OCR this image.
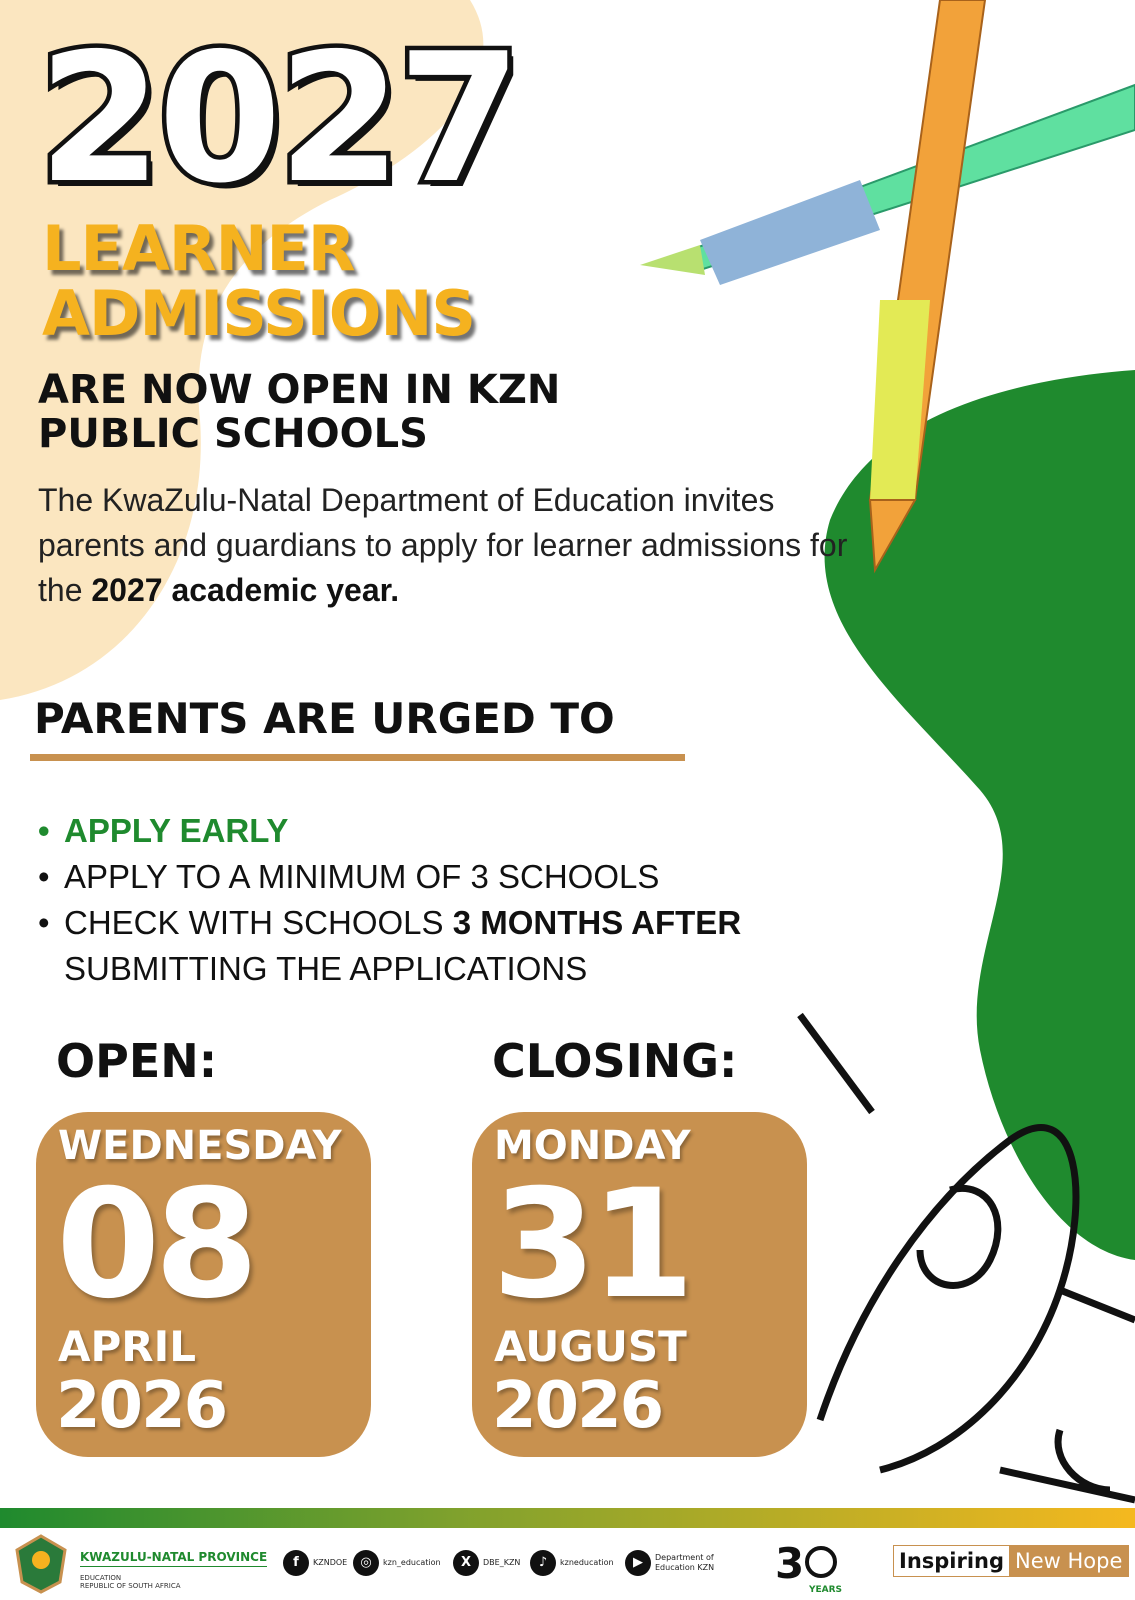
2027
LEARNER
ADMISSIONS
ARE NOW OPEN IN KZN
PUBLIC SCHOOLS
The KwaZulu-Natal Department of Education invites parents and guardians to apply for learner admissions for the 2027 academic year.
PARENTS ARE URGED TO
• APPLY EARLY
• APPLY TO A MINIMUM OF 3 SCHOOLS
• CHECK WITH SCHOOLS 3 MONTHS AFTER
SUBMITTING THE APPLICATIONS
OPEN:	CLOSING:
WEDNESDAY
08
APRIL
2026
MONDAY
31
AUGUST
2026
KWAZULU-NATAL PROVINCE
EDUCATION
REPUBLIC OF SOUTH AFRICA
f	KZNDOE	◎	kzn_education	X	DBE_KZN	♪	kzneducation	▶	Department of Education KZN	3
YEARS
Inspiring New Hope
